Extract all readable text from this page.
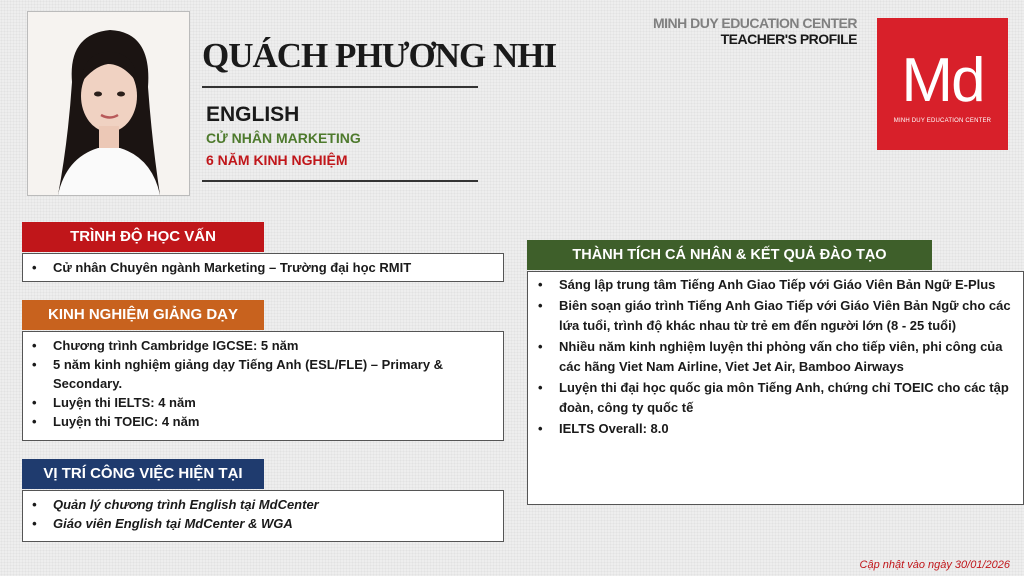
QUÁCH PHƯƠNG NHI
ENGLISH
CỬ NHÂN MARKETING
6 NĂM KINH NGHIỆM
MINH DUY EDUCATION CENTER
TEACHER'S PROFILE
Md
MINH DUY EDUCATION CENTER
TRÌNH ĐỘ HỌC VẤN
• Cử nhân Chuyên ngành Marketing – Trường đại học RMIT
KINH NGHIỆM GIẢNG DẠY
• Chương trình Cambridge IGCSE: 5 năm
• 5 năm kinh nghiệm giảng dạy Tiếng Anh (ESL/FLE) – Primary & Secondary.
• Luyện thi IELTS: 4 năm
• Luyện thi TOEIC: 4 năm
VỊ TRÍ CÔNG VIỆC HIỆN TẠI
• Quản lý chương trình English tại MdCenter
• Giáo viên English tại MdCenter & WGA
THÀNH TÍCH CÁ NHÂN & KẾT QUẢ ĐÀO TẠO
• Sáng lập trung tâm Tiếng Anh Giao Tiếp với Giáo Viên Bản Ngữ E-Plus
• Biên soạn giáo trình Tiếng Anh Giao Tiếp với Giáo Viên Bản Ngữ cho các lứa tuổi, trình độ khác nhau từ trẻ em đến người lớn (8 - 25 tuổi)
• Nhiều năm kinh nghiệm luyện thi phỏng vấn cho tiếp viên, phi công của các hãng Viet Nam Airline, Viet Jet Air, Bamboo Airways
• Luyện thi đại học quốc gia môn Tiếng Anh, chứng chỉ TOEIC cho các tập đoàn, công ty quốc tế
• IELTS Overall: 8.0
Cập nhật vào ngày 30/01/2026
